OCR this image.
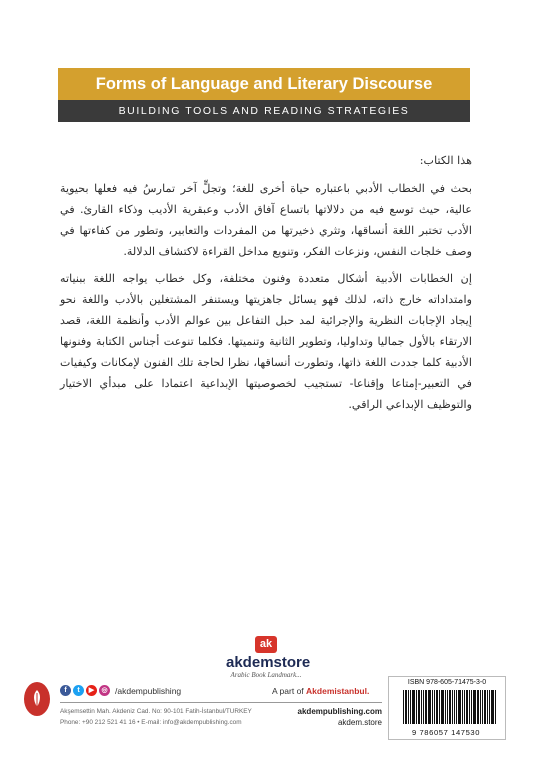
Forms of Language and Literary Discourse
BUILDING TOOLS AND READING STRATEGIES
هذا الكتاب:
بحث في الخطاب الأدبي باعتباره حياة أخرى للغة؛ وتجلٍّ آخر تمارسُ فيه فعلها بحيوية عالية، حيث توسع فيه من دلالاتها باتساع آفاق الأدب وعبقرية الأديب وذكاء القارئ. في الأدب تختبر اللغة أنساقها، وتثري ذخيرتها من المفردات والتعابير، وتطور من كفاءتها في وصف خلجات النفس، ونزعات الفكر، وتنويع مداخل القراءة لاكتشاف الدلالة.
إن الخطابات الأدبية أشكال متعددة وفنون مختلفة، وكل خطاب يواجه اللغة ببنياته وامتداداته خارج ذاته، لذلك فهو يسائل جاهزيتها ويستنفر المشتغلين بالأدب واللغة نحو إيجاد الإجابات النظرية والإجرائية لمد حبل التفاعل بين عوالم الأدب وأنظمة اللغة، قصد الارتقاء بالأول جماليا وتداوليا، وتطوير الثانية وتنميتها. فكلما تنوعت أجناس الكتابة وفنونها الأدبية كلما جددت اللغة ذاتها، وتطورت أنساقها، نظرا لحاجة تلك الفنون لإمكانات وكيفيات في التعبير-إمتاعا وإقناعا- تستجيب لخصوصيتها الإبداعية اعتمادا على مبدأي الاختيار والتوظيف الإبداعي الراقي.
ak
akdemstore
Arabic Book Landmark...
f	t	▶	◎ /akdempublishing	A part of Akdemistanbul.
ISBN 978-605-71475-3-0
9 786057 147530
Akşemsettin Mah. Akdeniz Cad. No: 90-101 Fatih-İstanbul/TURKEY
Phone: +90 212 521 41 16 • E-mail: info@akdempublishing.com
akdempublishing.com
akdem.store
